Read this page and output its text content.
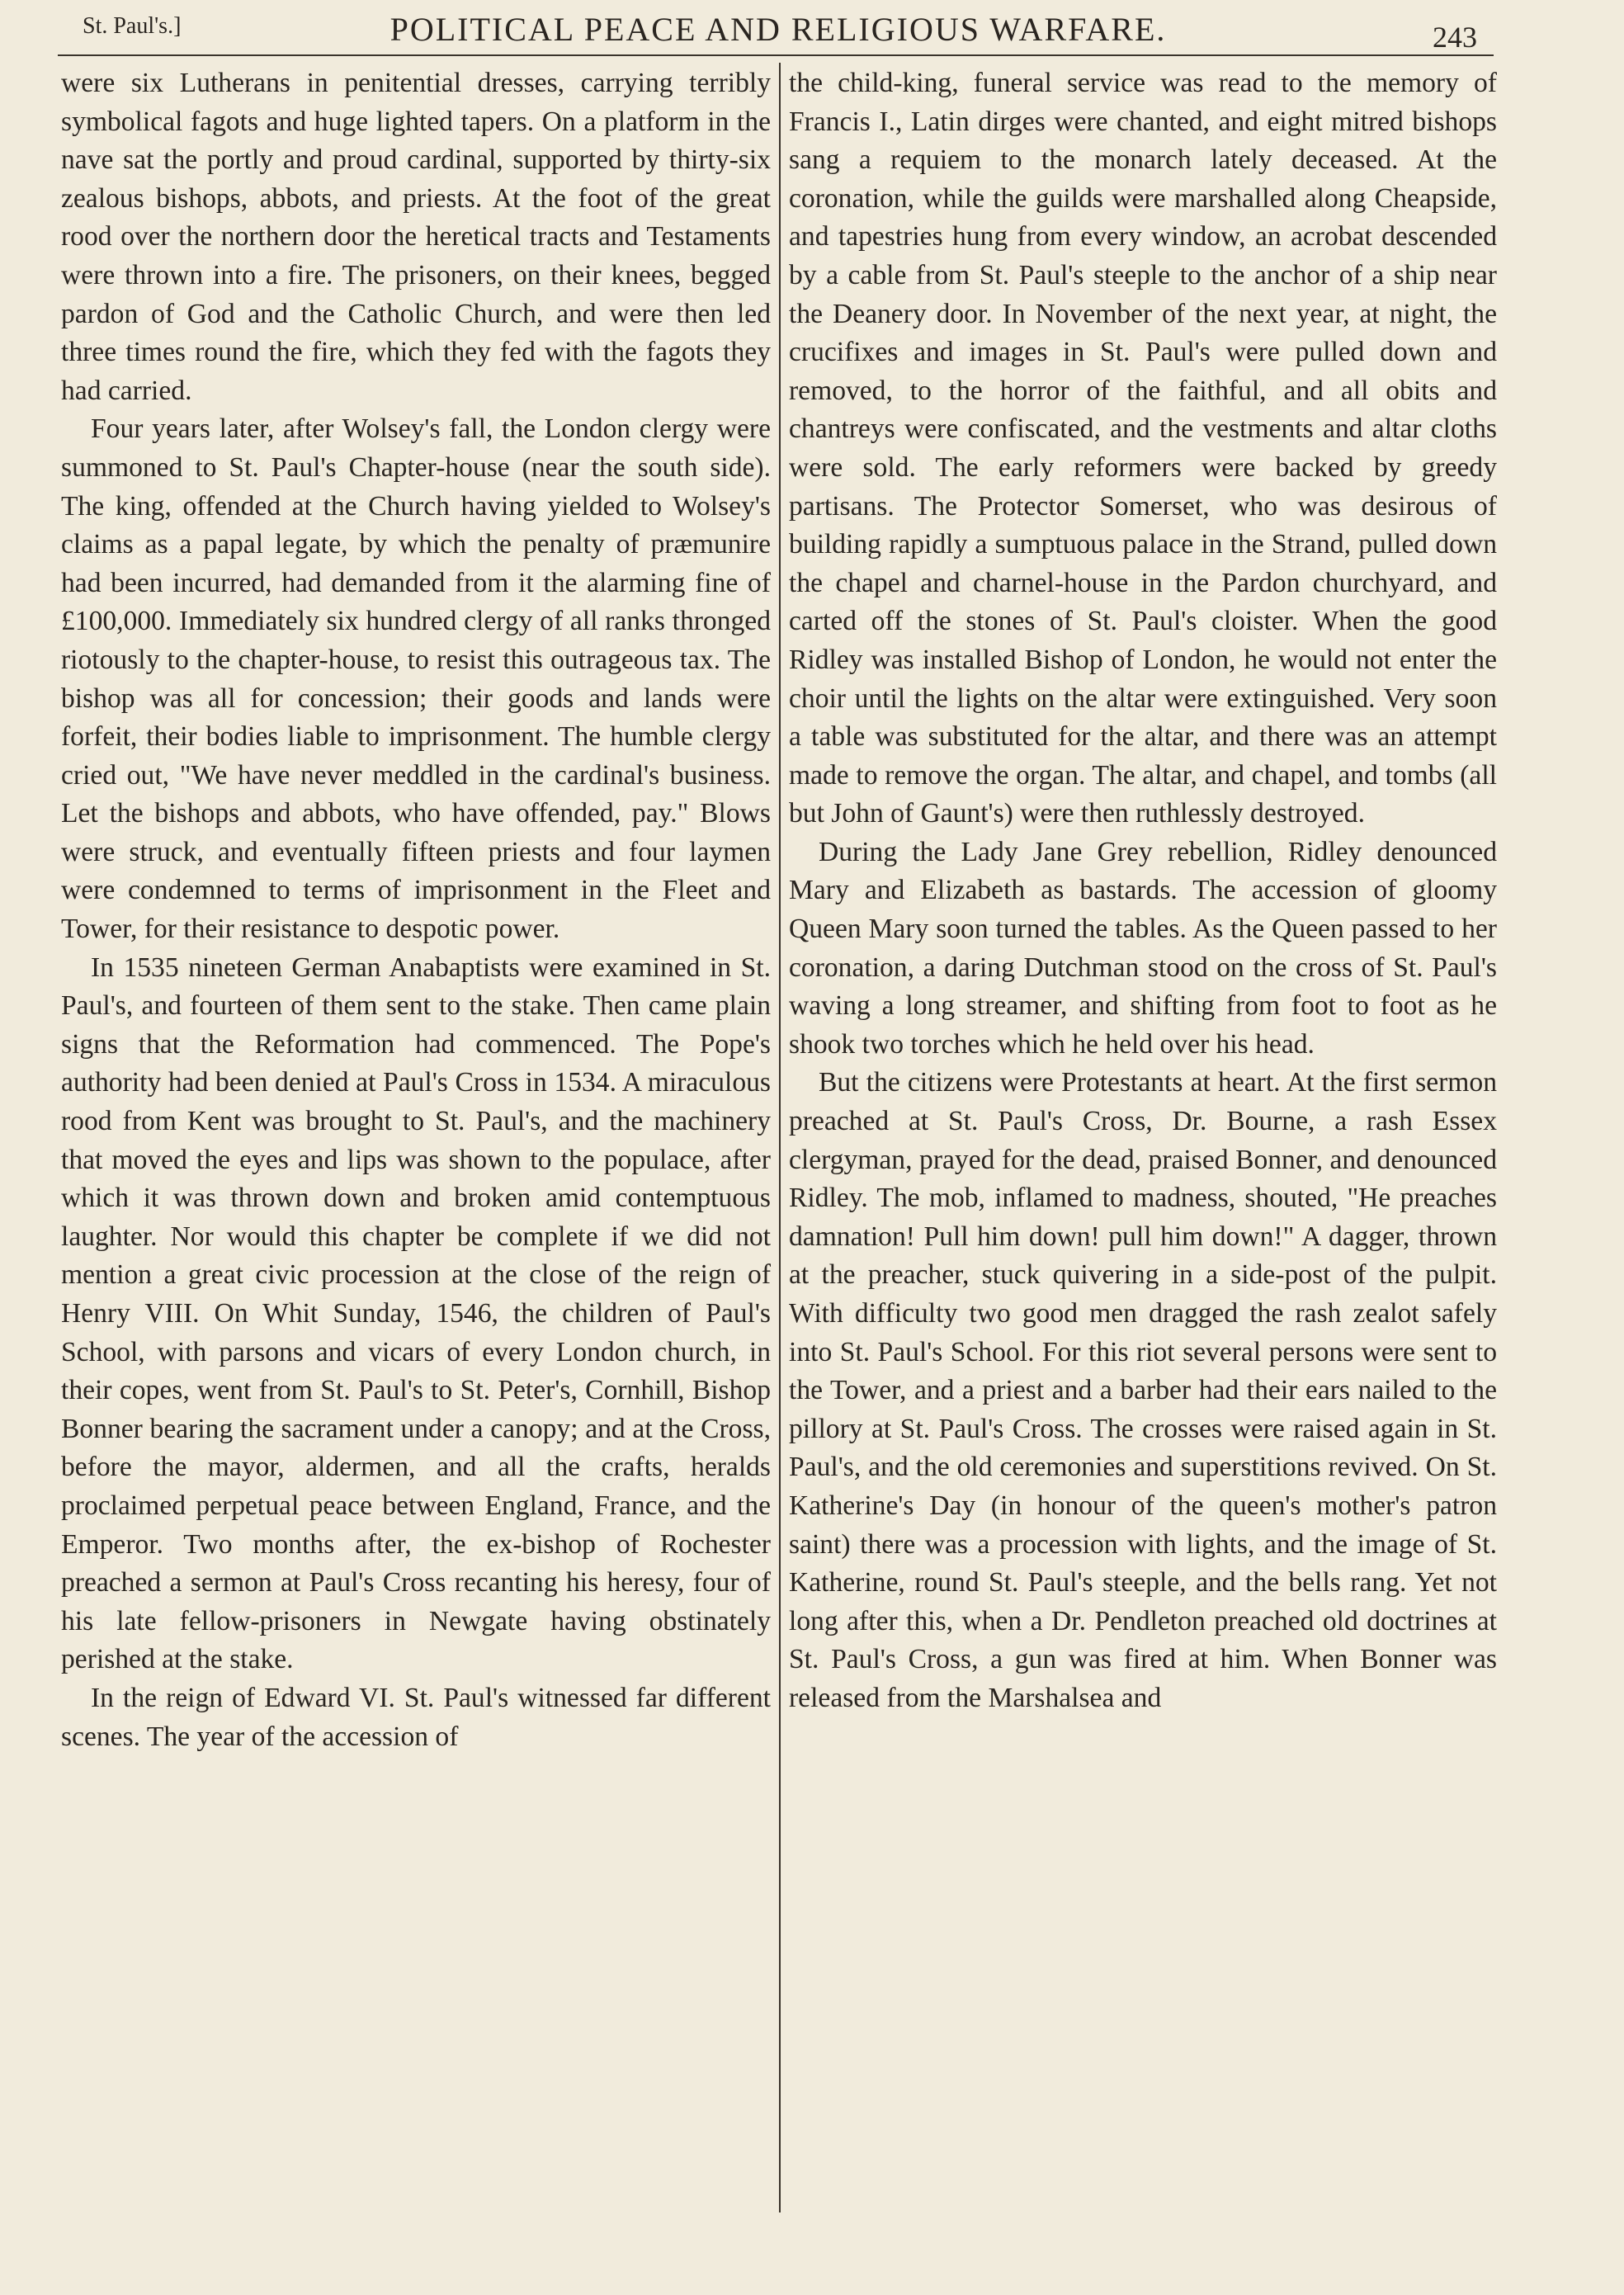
St. Paul's.]	POLITICAL PEACE AND RELIGIOUS WARFARE.	243

were six Lutherans in penitential dresses, carrying terribly symbolical fagots and huge lighted tapers. On a platform in the nave sat the portly and proud cardinal, supported by thirty-six zealous bishops, abbots, and priests. At the foot of the great rood over the northern door the heretical tracts and Testaments were thrown into a fire. The prisoners, on their knees, begged pardon of God and the Catholic Church, and were then led three times round the fire, which they fed with the fagots they had carried.

Four years later, after Wolsey's fall, the London clergy were summoned to St. Paul's Chapter-house (near the south side). The king, offended at the Church having yielded to Wolsey's claims as a papal legate, by which the penalty of præmunire had been incurred, had demanded from it the alarming fine of £100,000. Immediately six hundred clergy of all ranks thronged riotously to the chapter-house, to resist this outrageous tax. The bishop was all for concession; their goods and lands were forfeit, their bodies liable to imprisonment. The humble clergy cried out, "We have never meddled in the cardinal's business. Let the bishops and abbots, who have offended, pay." Blows were struck, and eventually fifteen priests and four laymen were condemned to terms of imprisonment in the Fleet and Tower, for their resistance to despotic power.

In 1535 nineteen German Anabaptists were examined in St. Paul's, and fourteen of them sent to the stake. Then came plain signs that the Reformation had commenced. The Pope's authority had been denied at Paul's Cross in 1534. A miraculous rood from Kent was brought to St. Paul's, and the machinery that moved the eyes and lips was shown to the populace, after which it was thrown down and broken amid contemptuous laughter. Nor would this chapter be complete if we did not mention a great civic procession at the close of the reign of Henry VIII. On Whit Sunday, 1546, the children of Paul's School, with parsons and vicars of every London church, in their copes, went from St. Paul's to St. Peter's, Cornhill, Bishop Bonner bearing the sacrament under a canopy; and at the Cross, before the mayor, aldermen, and all the crafts, heralds proclaimed perpetual peace between England, France, and the Emperor. Two months after, the ex-bishop of Rochester preached a sermon at Paul's Cross recanting his heresy, four of his late fellow-prisoners in Newgate having obstinately perished at the stake.

In the reign of Edward VI. St. Paul's witnessed far different scenes. The year of the accession of

the child-king, funeral service was read to the memory of Francis I., Latin dirges were chanted, and eight mitred bishops sang a requiem to the monarch lately deceased. At the coronation, while the guilds were marshalled along Cheapside, and tapestries hung from every window, an acrobat descended by a cable from St. Paul's steeple to the anchor of a ship near the Deanery door. In November of the next year, at night, the crucifixes and images in St. Paul's were pulled down and removed, to the horror of the faithful, and all obits and chantreys were confiscated, and the vestments and altar cloths were sold. The early reformers were backed by greedy partisans. The Protector Somerset, who was desirous of building rapidly a sumptuous palace in the Strand, pulled down the chapel and charnel-house in the Pardon churchyard, and carted off the stones of St. Paul's cloister. When the good Ridley was installed Bishop of London, he would not enter the choir until the lights on the altar were extinguished. Very soon a table was substituted for the altar, and there was an attempt made to remove the organ. The altar, and chapel, and tombs (all but John of Gaunt's) were then ruthlessly destroyed.

During the Lady Jane Grey rebellion, Ridley denounced Mary and Elizabeth as bastards. The accession of gloomy Queen Mary soon turned the tables. As the Queen passed to her coronation, a daring Dutchman stood on the cross of St. Paul's waving a long streamer, and shifting from foot to foot as he shook two torches which he held over his head.

But the citizens were Protestants at heart. At the first sermon preached at St. Paul's Cross, Dr. Bourne, a rash Essex clergyman, prayed for the dead, praised Bonner, and denounced Ridley. The mob, inflamed to madness, shouted, "He preaches damnation! Pull him down! pull him down!" A dagger, thrown at the preacher, stuck quivering in a side-post of the pulpit. With difficulty two good men dragged the rash zealot safely into St. Paul's School. For this riot several persons were sent to the Tower, and a priest and a barber had their ears nailed to the pillory at St. Paul's Cross. The crosses were raised again in St. Paul's, and the old ceremonies and superstitions revived. On St. Katherine's Day (in honour of the queen's mother's patron saint) there was a procession with lights, and the image of St. Katherine, round St. Paul's steeple, and the bells rang. Yet not long after this, when a Dr. Pendleton preached old doctrines at St. Paul's Cross, a gun was fired at him. When Bonner was released from the Marshalsea and
